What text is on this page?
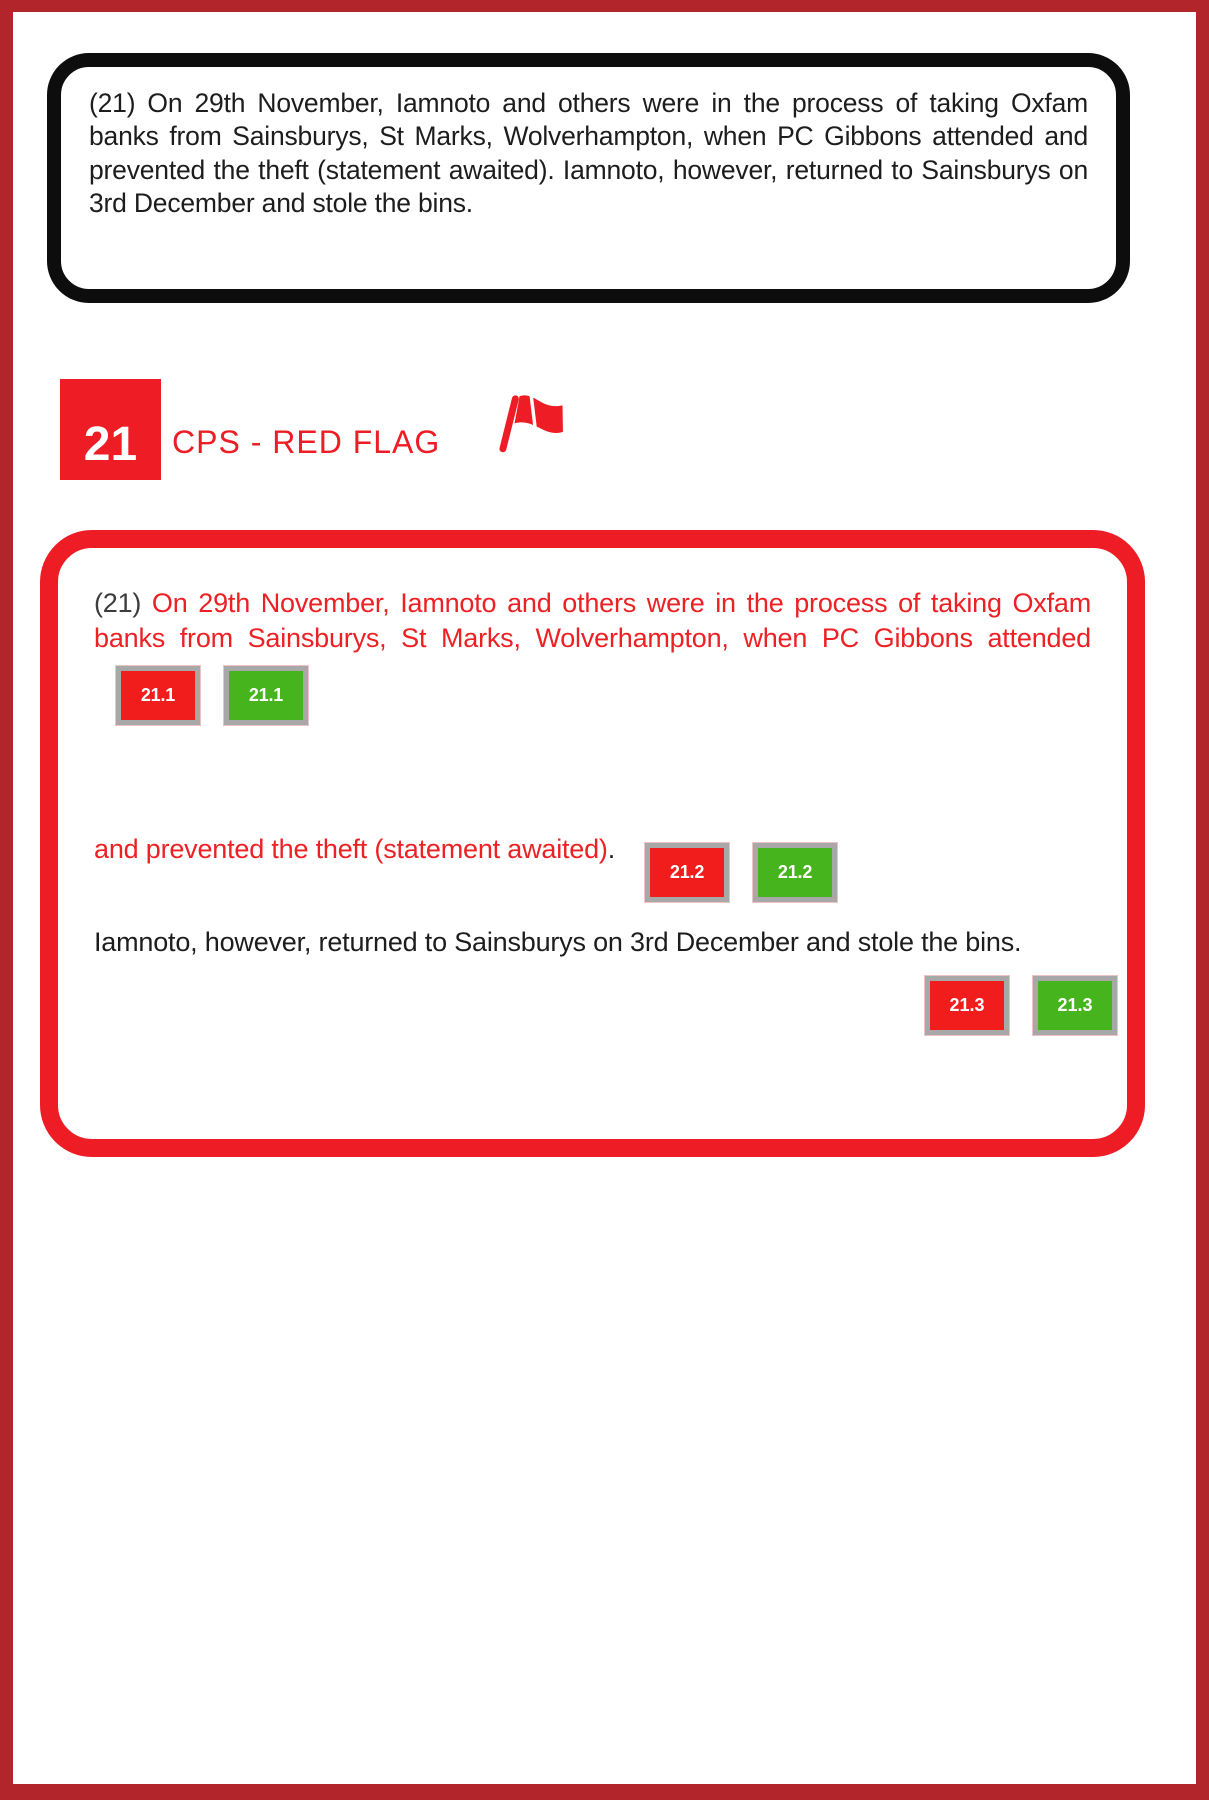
(21) On 29th November, Iamnoto and others were in the process of taking Oxfam banks from Sainsburys, St Marks, Wolverhampton, when PC Gibbons attended and prevented the theft (statement awaited). Iamnoto, however, returned to Sainsburys on 3rd December and stole the bins.

21 CPS - RED FLAG

(21) On 29th November, Iamnoto and others were in the process of taking Oxfam banks from Sainsburys, St Marks, Wolverhampton, when PC Gibbons attended
21.1	21.1

and prevented the theft (statement awaited).
21.2	21.2

Iamnoto, however, returned to Sainsburys on 3rd December and stole the bins.

21.3	21.3
